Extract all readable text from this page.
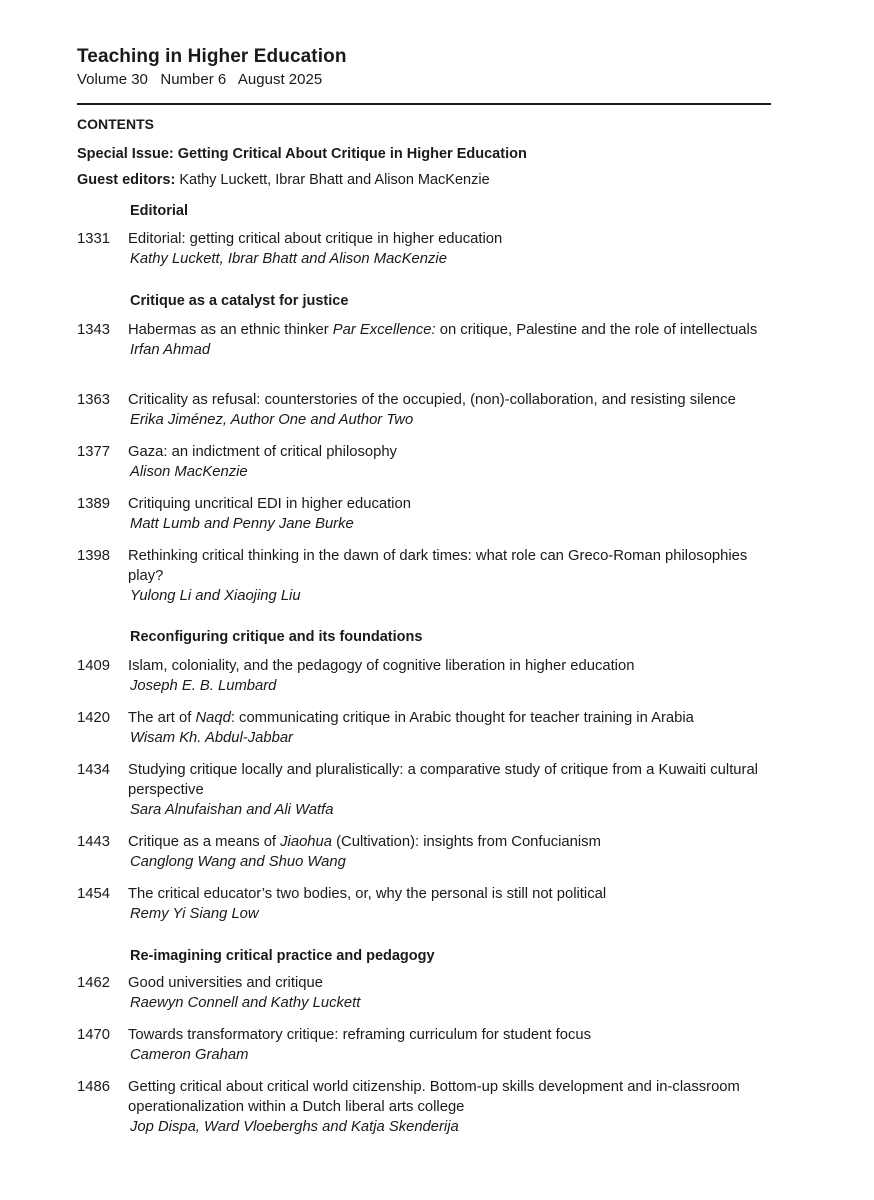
Teaching in Higher Education
Volume 30   Number 6   August 2025
CONTENTS
Special Issue: Getting Critical About Critique in Higher Education
Guest editors: Kathy Luckett, Ibrar Bhatt and Alison MacKenzie
Editorial
Critique as a catalyst for justice
Reconfiguring critique and its foundations
Re-imagining critical practice and pedagogy
1331	Editorial: getting critical about critique in higher education
Kathy Luckett, Ibrar Bhatt and Alison MacKenzie
1343	Habermas as an ethnic thinker Par Excellence: on critique, Palestine and the role of intellectuals
Irfan Ahmad
1363	Criticality as refusal: counterstories of the occupied, (non)-collaboration, and resisting silence
Erika Jiménez, Author One and Author Two
1377	Gaza: an indictment of critical philosophy
Alison MacKenzie
1389	Critiquing uncritical EDI in higher education
Matt Lumb and Penny Jane Burke
1398	Rethinking critical thinking in the dawn of dark times: what role can Greco-Roman philosophies play?
Yulong Li and Xiaojing Liu
1409	Islam, coloniality, and the pedagogy of cognitive liberation in higher education
Joseph E. B. Lumbard
1420	The art of Naqd: communicating critique in Arabic thought for teacher training in Arabia
Wisam Kh. Abdul-Jabbar
1434	Studying critique locally and pluralistically: a comparative study of critique from a Kuwaiti cultural perspective
Sara Alnufaishan and Ali Watfa
1443	Critique as a means of Jiaohua (Cultivation): insights from Confucianism
Canglong Wang and Shuo Wang
1454	The critical educator’s two bodies, or, why the personal is still not political
Remy Yi Siang Low
1462	Good universities and critique
Raewyn Connell and Kathy Luckett
1470	Towards transformatory critique: reframing curriculum for student focus
Cameron Graham
1486	Getting critical about critical world citizenship. Bottom-up skills development and in-classroom operationalization within a Dutch liberal arts college
Jop Dispa, Ward Vloeberghs and Katja Skenderija
